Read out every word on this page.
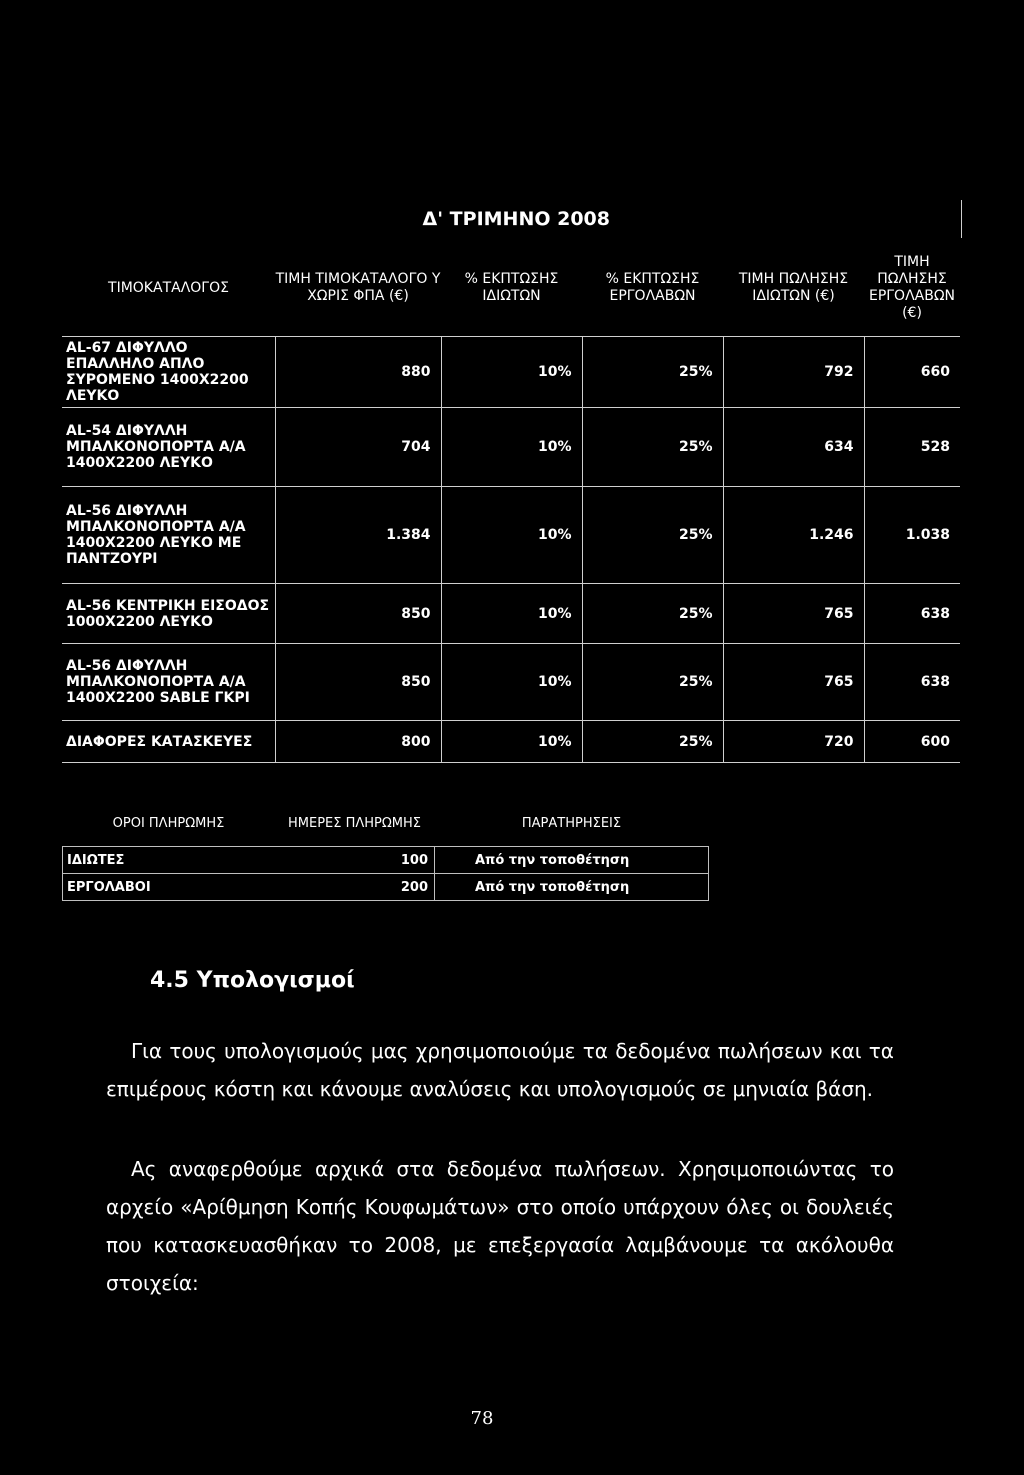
Δ' ΤΡΙΜΗΝΟ 2008
ΤΙΜΟΚΑΤΑΛΟΓΟΣ	ΤΙΜΗ ΤΙΜΟΚΑΤΑΛΟΓΟ Υ ΧΩΡΙΣ ΦΠΑ (€)	% ΕΚΠΤΩΣΗΣ ΙΔΙΩΤΩΝ	% ΕΚΠΤΩΣΗΣ ΕΡΓΟΛΑΒΩΝ	ΤΙΜΗ ΠΩΛΗΣΗΣ ΙΔΙΩΤΩΝ (€)	ΤΙΜΗ ΠΩΛΗΣΗΣ ΕΡΓΟΛΑΒΩΝ (€)
AL-67 ΔΙΦΥΛΛΟ ΕΠΑΛΛΗΛΟ ΑΠΛΟ ΣΥΡΟΜΕΝΟ 1400X2200 ΛΕΥΚΟ	880	10%	25%	792	660
AL-54 ΔΙΦΥΛΛΗ ΜΠΑΛΚΟΝΟΠΟΡΤΑ Α/Α 1400X2200 ΛΕΥΚΟ	704	10%	25%	634	528
AL-56 ΔΙΦΥΛΛΗ ΜΠΑΛΚΟΝΟΠΟΡΤΑ Α/Α 1400X2200 ΛΕΥΚΟ ΜΕ ΠΑΝΤΖΟΥΡΙ	1.384	10%	25%	1.246	1.038
AL-56 ΚΕΝΤΡΙΚΗ ΕΙΣΟΔΟΣ 1000X2200 ΛΕΥΚΟ	850	10%	25%	765	638
AL-56 ΔΙΦΥΛΛΗ ΜΠΑΛΚΟΝΟΠΟΡΤΑ Α/Α 1400X2200 SABLE ΓΚΡΙ	850	10%	25%	765	638
ΔΙΑΦΟΡΕΣ ΚΑΤΑΣΚΕΥΕΣ	800	10%	25%	720	600
ΟΡΟΙ ΠΛΗΡΩΜΗΣ	ΗΜΕΡΕΣ ΠΛΗΡΩΜΗΣ	ΠΑΡΑΤΗΡΗΣΕΙΣ
ΙΔΙΩΤΕΣ	100	Από την τοποθέτηση
ΕΡΓΟΛΑΒΟΙ	200	Από την τοποθέτηση
4.5 Υπολογισμοί
Για τους υπολογισμούς μας χρησιμοποιούμε τα δεδομένα πωλήσεων και τα επιμέρους κόστη και κάνουμε αναλύσεις και υπολογισμούς σε μηνιαία βάση.
Ας αναφερθούμε αρχικά στα δεδομένα πωλήσεων. Χρησιμοποιώντας το αρχείο «Αρίθμηση Κοπής Κουφωμάτων» στο οποίο υπάρχουν όλες οι δουλειές που κατασκευασθήκαν το 2008, με επεξεργασία λαμβάνουμε τα ακόλουθα στοιχεία:
78
